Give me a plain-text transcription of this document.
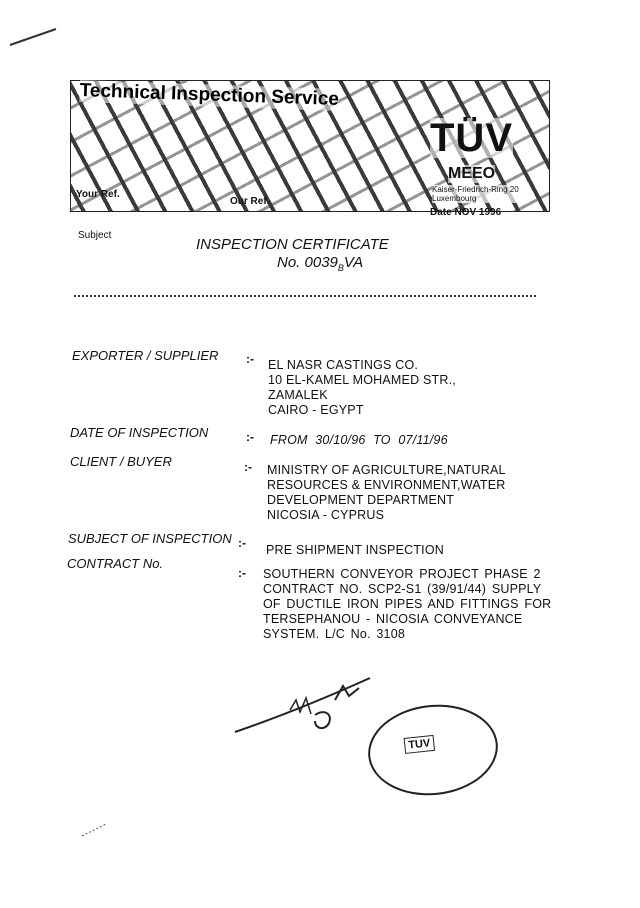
Technical Inspection Service
TÜV
MEEO
Kaiser-Friedrich-Ring 20
Luxembourg
Your Ref.
Our Ref.
Date NOV 1996
Subject
INSPECTION CERTIFICATE
No. $0039_BVA$
EXPORTER / SUPPLIER :- EL NASR CASTINGS CO.
10 EL-KAMEL MOHAMED STR.,
ZAMALEK
CAIRO - EGYPT
DATE OF INSPECTION	:- FROM 30/10/96 TO 07/11/96
CLIENT / BUYER	:- MINISTRY OF AGRICULTURE,NATURAL
RESOURCES & ENVIRONMENT,WATER
DEVELOPMENT DEPARTMENT
NICOSIA - CYPRUS
SUBJECT OF INSPECTION :- PRE SHIPMENT INSPECTION
CONTRACT No.
:- SOUTHERN CONVEYOR PROJECT PHASE 2
CONTRACT NO. SCP2-S1 (39/91/44) SUPPLY
OF DUCTILE IRON PIPES AND FITTINGS FOR
TERSEPHANOU - NICOSIA CONVEYANCE
SYSTEM. L/C No. 3108
TUV
